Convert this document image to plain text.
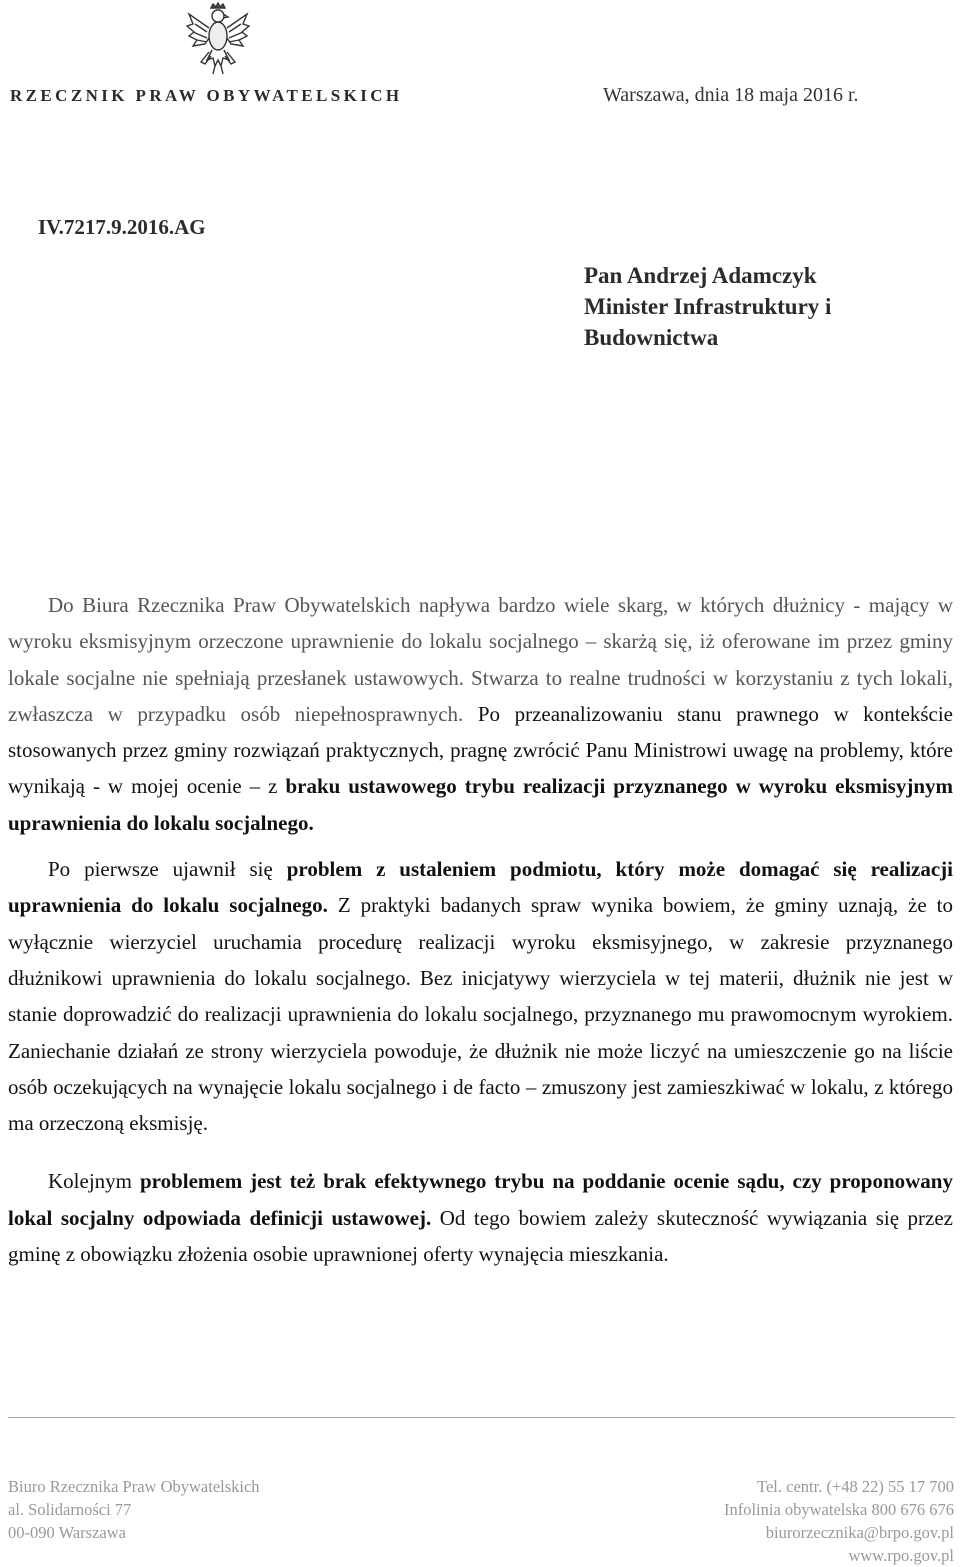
RZECZNIK PRAW OBYWATELSKICH	Warszawa, dnia 18 maja 2016 r.
IV.7217.9.2016.AG
Pan Andrzej Adamczyk
Minister Infrastruktury i
Budownictwa

Do Biura Rzecznika Praw Obywatelskich napływa bardzo wiele skarg, w których dłużnicy - mający w wyroku eksmisyjnym orzeczone uprawnienie do lokalu socjalnego – skarżą się, iż oferowane im przez gminy lokale socjalne nie spełniają przesłanek ustawowych. Stwarza to realne trudności w korzystaniu z tych lokali, zwłaszcza w przypadku osób niepełnosprawnych. Po przeanalizowaniu stanu prawnego w kontekście stosowanych przez gminy rozwiązań praktycznych, pragnę zwrócić Panu Ministrowi uwagę na problemy, które wynikają - w mojej ocenie – z braku ustawowego trybu realizacji przyznanego w wyroku eksmisyjnym uprawnienia do lokalu socjalnego.

Po pierwsze ujawnił się problem z ustaleniem podmiotu, który może domagać się realizacji uprawnienia do lokalu socjalnego. Z praktyki badanych spraw wynika bowiem, że gminy uznają, że to wyłącznie wierzyciel uruchamia procedurę realizacji wyroku eksmisyjnego, w zakresie przyznanego dłużnikowi uprawnienia do lokalu socjalnego. Bez inicjatywy wierzyciela w tej materii, dłużnik nie jest w stanie doprowadzić do realizacji uprawnienia do lokalu socjalnego, przyznanego mu prawomocnym wyrokiem. Zaniechanie działań ze strony wierzyciela powoduje, że dłużnik nie może liczyć na umieszczenie go na liście osób oczekujących na wynajęcie lokalu socjalnego i de facto – zmuszony jest zamieszkiwać w lokalu, z którego ma orzeczoną eksmisję.

Kolejnym problemem jest też brak efektywnego trybu na poddanie ocenie sądu, czy proponowany lokal socjalny odpowiada definicji ustawowej. Od tego bowiem zależy skuteczność wywiązania się przez gminę z obowiązku złożenia osobie uprawnionej oferty wynajęcia mieszkania.

Biuro Rzecznika Praw Obywatelskich
al. Solidarności 77
00-090 Warszawa
Tel. centr. (+48 22) 55 17 700
Infolinia obywatelska 800 676 676
biurorzecznika@brpo.gov.pl
www.rpo.gov.pl
